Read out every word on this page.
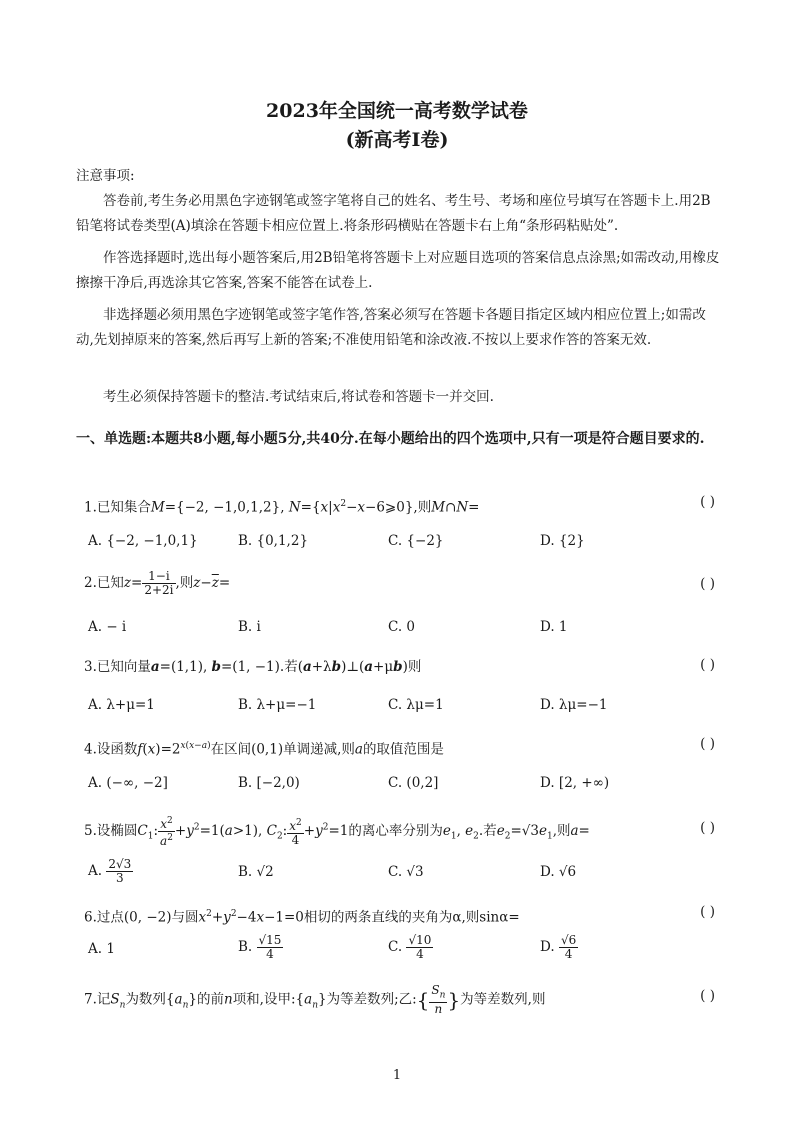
2023年全国统一高考数学试卷
(新高考Ⅰ卷)
注意事项:
答卷前,考生务必用黑色字迹钢笔或签字笔将自己的姓名、考生号、考场和座位号填写在答题卡上.用2B铅笔将试卷类型(A)填涂在答题卡相应位置上.将条形码横贴在答题卡右上角“条形码粘贴处”.
作答选择题时,选出每小题答案后,用2B铅笔将答题卡上对应题目选项的答案信息点涂黑;如需改动,用橡皮擦擦干净后,再选涂其它答案,答案不能答在试卷上.
非选择题必须用黑色字迹钢笔或签字笔作答,答案必须写在答题卡各题目指定区域内相应位置上;如需改动,先划掉原来的答案,然后再写上新的答案;不准使用铅笔和涂改液.不按以上要求作答的答案无效.
考生必须保持答题卡的整洁.考试结束后,将试卷和答题卡一并交回.
一、单选题:本题共8小题,每小题5分,共40分.在每小题给出的四个选项中,只有一项是符合题目要求的.
1.已知集合M={−2, −1,0,1,2}, $N=\{x|x^2-x-6⩾0\}$,则M∩N=	( )
A. {−2, −1,0,1}	B. {0,1,2}	C. {−2}	D. {2}
2.已知$z= \frac{1-i}{2+2i}$ ,则$z-\overline{z}=$	( )
A. − i	B. i	C. 0	D. 1
3.已知向量a=(1,1), b=(1, −1).若(a+λb)⊥(a+μb)则	( )
A. λ+μ=1	B. λ+μ=−1	C. λμ=1	D. λμ=−1
4.设函数$f(x)=2^{x(x-a)}$在区间(0,1)单调递减,则a的取值范围是	( )
A. (−∞, −2]	B. [−2,0)	C. (0,2]	D. [2, +∞)
5.设椭圆$C_1$: $\frac{x^2}{a^2} +y^2=1(a>1)$, $C_2$: $\frac{x^2}{4} +y^2=1$的离心率分别为$e_1$, $e_2$.若$e_2=√3e_1$,则a=	( )
A. $\frac{2√3}{3}$	B. √2	C. √3	D. √6
6.过点(0, −2)与圆$x^2+y^2-4x-1=0$相切的两条直线的夹角为α,则sinα=	( )
A. 1	B. $\frac{√15}{4}$	C. $\frac{√10}{4}$	D. $\frac{√6}{4}$
7.记$S_n$为数列$\{a_n\}$的前n项和,设甲$:\{a_n\}$为等差数列;乙:{ $\frac{S_n}{n}$ }为等差数列,则	( )
1
